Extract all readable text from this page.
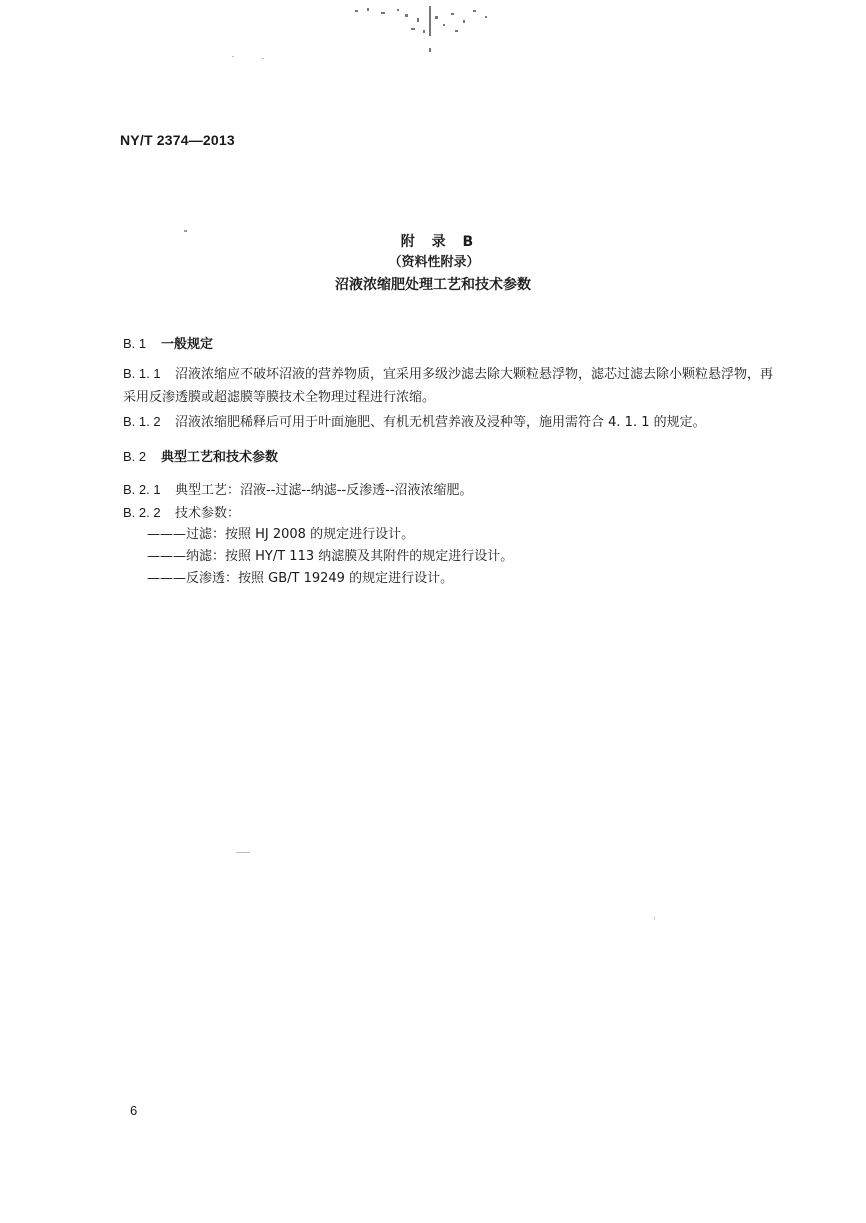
NY/T 2374—2013
附 录 B
（资料性附录）
沼液浓缩肥处理工艺和技术参数
B. 1 一般规定
B. 1. 1 沼液浓缩应不破坏沼液的营养物质，宜采用多级沙滤去除大颗粒悬浮物，滤芯过滤去除小颗粒悬浮物，再采用反渗透膜或超滤膜等膜技术全物理过程进行浓缩。
B. 1. 2 沼液浓缩肥稀释后可用于叶面施肥、有机无机营养液及浸种等，施用需符合 4. 1. 1 的规定。
B. 2 典型工艺和技术参数
B. 2. 1 典型工艺：沼液--过滤--纳滤--反渗透--沼液浓缩肥。
B. 2. 2 技术参数：
———过滤：按照 HJ 2008 的规定进行设计。
———纳滤：按照 HY/T 113 纳滤膜及其附件的规定进行设计。
———反渗透：按照 GB/T 19249 的规定进行设计。
6
